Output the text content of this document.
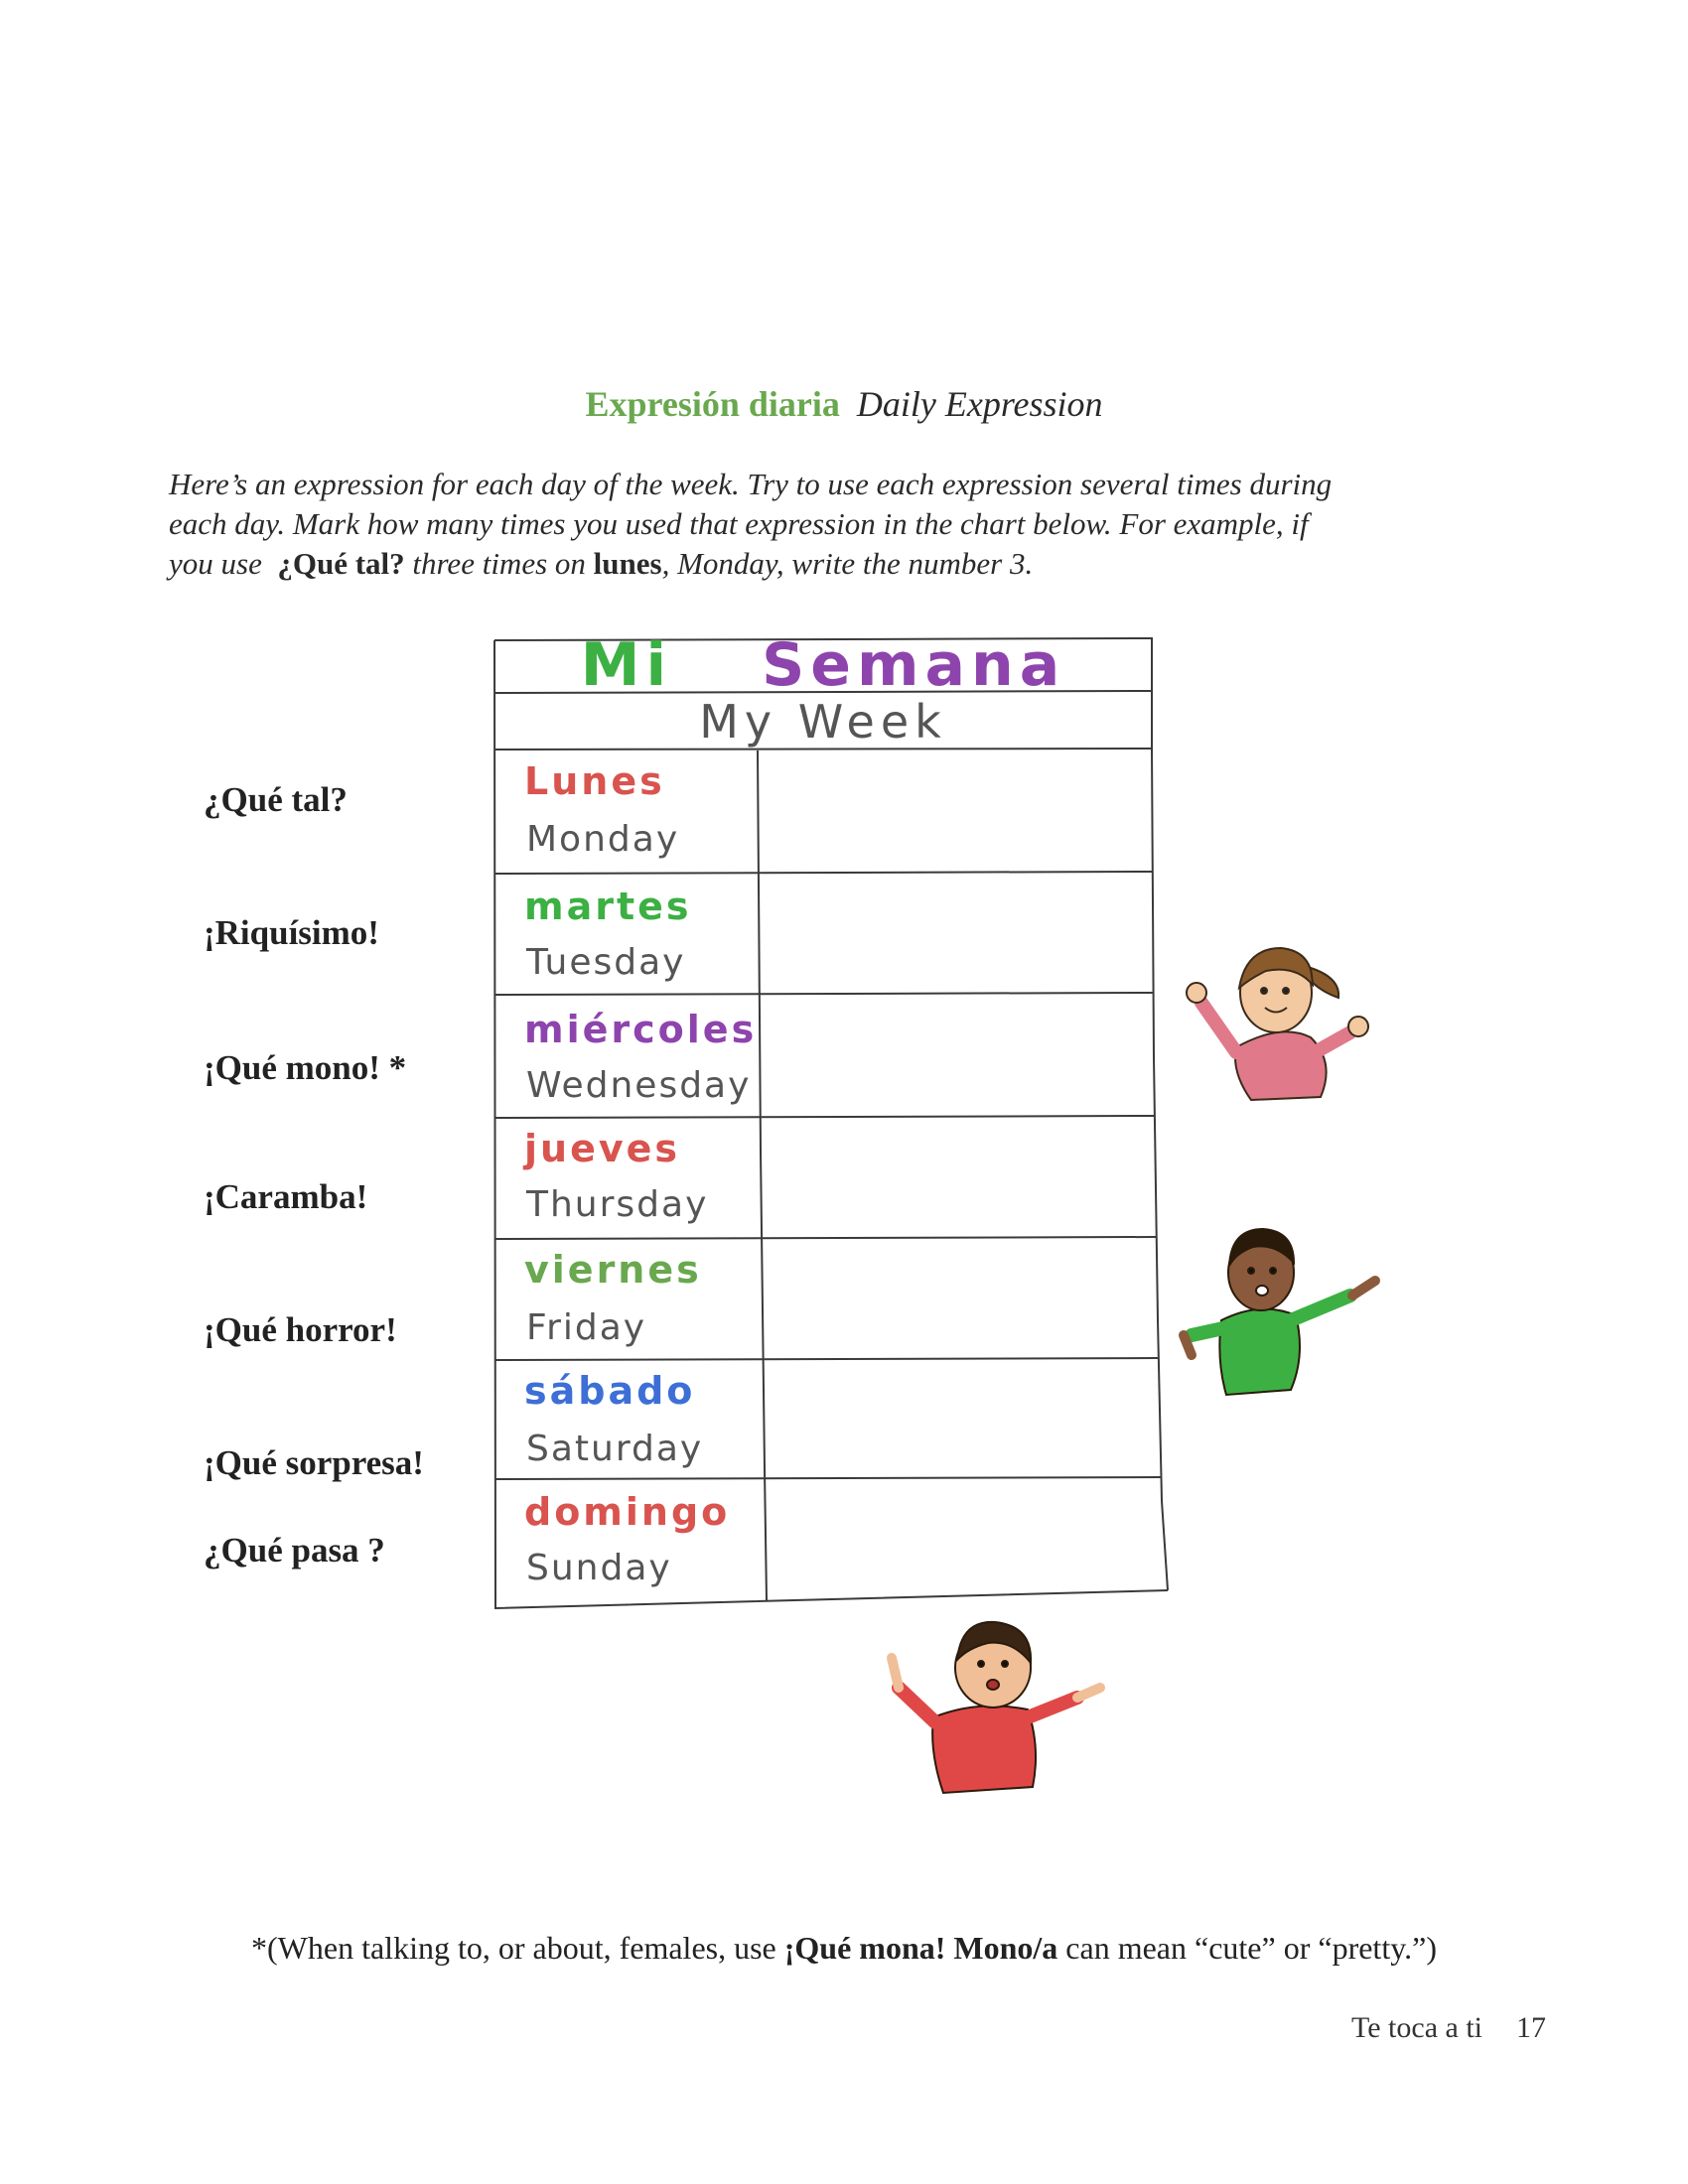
Expresión diaria Daily Expression
Here’s an expression for each day of the week. Try to use each expression several times during
each day. Mark how many times you used that expression in the chart below. For example, if
you use  ¿Qué tal? three times on lunes, Monday, write the number 3.
¿Qué tal?
¡Riquísimo!
¡Qué mono! *
¡Caramba!
¡Qué horror!
¡Qué sorpresa!
¿Qué pasa ?
Mi Semana
My Week
Lunes
Monday
martes
Tuesday
miércoles
Wednesday
jueves
Thursday
viernes
Friday
sábado
Saturday
domingo
Sunday
*(When talking to, or about, females, use ¡Qué mona! Mono/a can mean “cute” or “pretty.”)
Te toca a ti 17
